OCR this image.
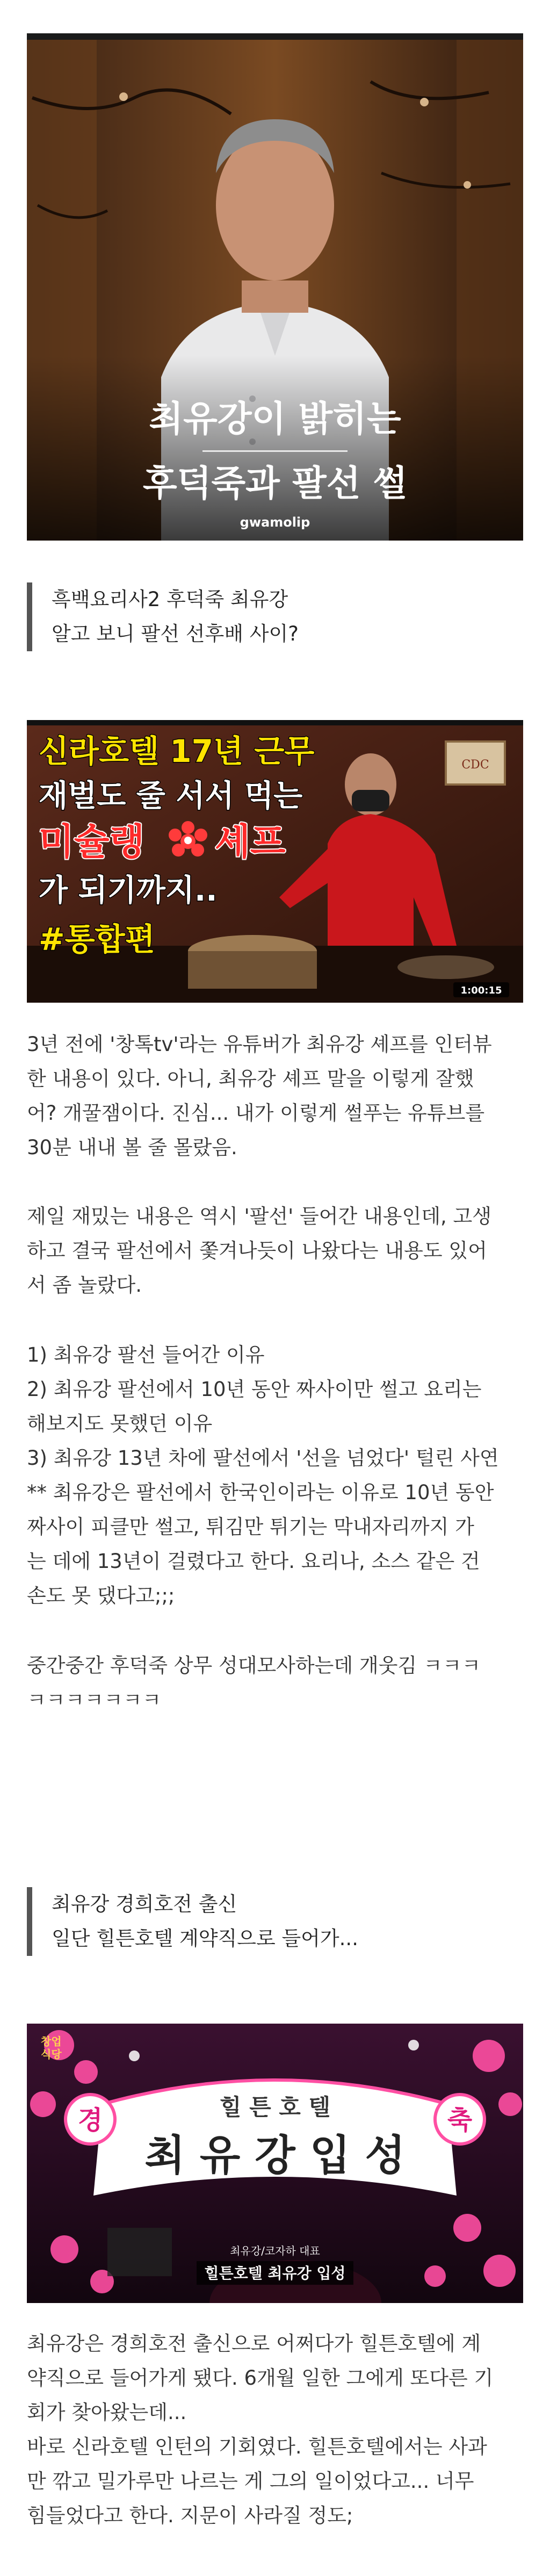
최유강이 밝히는
후덕죽과 팔선 썰
gwamolip
흑백요리사2 후덕죽 최유강
알고 보니 팔선 선후배 사이?
CDC
신라호텔 17년 근무
재벌도 줄 서서 먹는
미슐랭 셰프
가 되기까지..
#통합편
1:00:15
3년 전에 '창톡tv'라는 유튜버가 최유강 셰프를 인터뷰
한 내용이 있다. 아니, 최유강 셰프 말을 이렇게 잘했
어? 개꿀잼이다. 진심... 내가 이렇게 썰푸는 유튜브를
30분 내내 볼 줄 몰랐음.
제일 재밌는 내용은 역시 '팔선' 들어간 내용인데, 고생
하고 결국 팔선에서 쫓겨나듯이 나왔다는 내용도 있어
서 좀 놀랐다.
1) 최유강 팔선 들어간 이유
2) 최유강 팔선에서 10년 동안 짜사이만 썰고 요리는
해보지도 못했던 이유
3) 최유강 13년 차에 팔선에서 '선을 넘었다' 털린 사연
** 최유강은 팔선에서 한국인이라는 이유로 10년 동안
짜사이 피클만 썰고, 튀김만 튀기는 막내자리까지 가
는 데에 13년이 걸렸다고 한다. 요리나, 소스 같은 건
손도 못 댔다고;;;
중간중간 후덕죽 상무 성대모사하는데 개웃김 ㅋㅋㅋ
ㅋㅋㅋㅋㅋㅋㅋ
최유강 경희호전 출신
일단 힐튼호텔 계약직으로 들어가...
경	축
힐 튼 호 텔
최 유 강 입 성
창업 식당
최유강/코자하 대표
힐튼호텔 최유강 입성
최유강은 경희호전 출신으로 어쩌다가 힐튼호텔에 계
약직으로 들어가게 됐다. 6개월 일한 그에게 또다른 기
회가 찾아왔는데...
바로 신라호텔 인턴의 기회였다. 힐튼호텔에서는 사과
만 깎고 밀가루만 나르는 게 그의 일이었다고... 너무
힘들었다고 한다. 지문이 사라질 정도;
